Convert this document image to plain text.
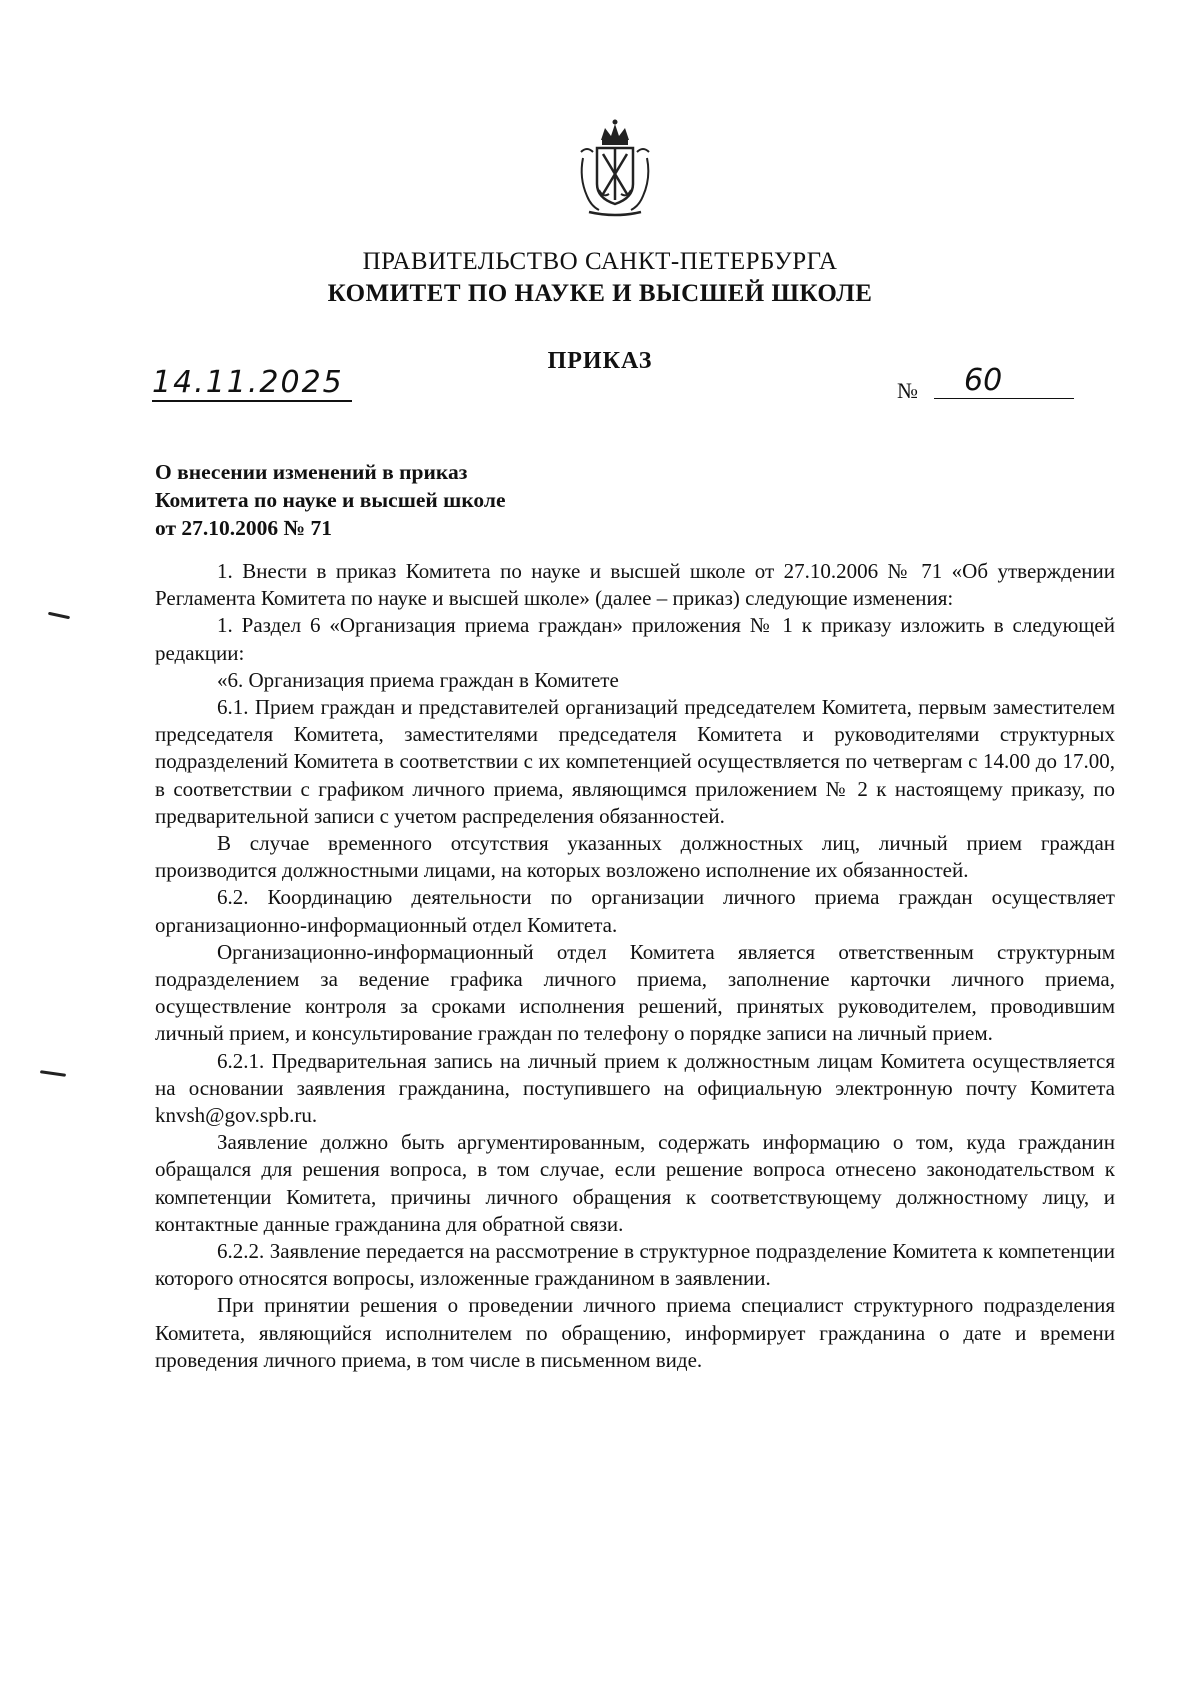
ПРАВИТЕЛЬСТВО САНКТ-ПЕТЕРБУРГА
КОМИТЕТ ПО НАУКЕ И ВЫСШЕЙ ШКОЛЕ
ПРИКАЗ
14.11.2025	№	60
О внесении изменений в приказ
Комитета по науке и высшей школе
от 27.10.2006 № 71

1. Внести в приказ Комитета по науке и высшей школе от 27.10.2006 № 71 «Об утверждении Регламента Комитета по науке и высшей школе» (далее – приказ) следующие изменения:

1. Раздел 6 «Организация приема граждан» приложения № 1 к приказу изложить в следующей редакции:

«6. Организация приема граждан в Комитете

6.1. Прием граждан и представителей организаций председателем Комитета, первым заместителем председателя Комитета, заместителями председателя Комитета и руководителями структурных подразделений Комитета в соответствии с их компетенцией осуществляется по четвергам с 14.00 до 17.00, в соответствии с графиком личного приема, являющимся приложением № 2 к настоящему приказу, по предварительной записи с учетом распределения обязанностей.

В случае временного отсутствия указанных должностных лиц, личный прием граждан производится должностными лицами, на которых возложено исполнение их обязанностей.

6.2. Координацию деятельности по организации личного приема граждан осуществляет организационно-информационный отдел Комитета.

Организационно-информационный отдел Комитета является ответственным структурным подразделением за ведение графика личного приема, заполнение карточки личного приема, осуществление контроля за сроками исполнения решений, принятых руководителем, проводившим личный прием, и консультирование граждан по телефону о порядке записи на личный прием.

6.2.1. Предварительная запись на личный прием к должностным лицам Комитета осуществляется на основании заявления гражданина, поступившего на официальную электронную почту Комитета knvsh@gov.spb.ru.

Заявление должно быть аргументированным, содержать информацию о том, куда гражданин обращался для решения вопроса, в том случае, если решение вопроса отнесено законодательством к компетенции Комитета, причины личного обращения к соответствующему должностному лицу, и контактные данные гражданина для обратной связи.

6.2.2. Заявление передается на рассмотрение в структурное подразделение Комитета к компетенции которого относятся вопросы, изложенные гражданином в заявлении.

При принятии решения о проведении личного приема специалист структурного подразделения Комитета, являющийся исполнителем по обращению, информирует гражданина о дате и времени проведения личного приема, в том числе в письменном виде.
